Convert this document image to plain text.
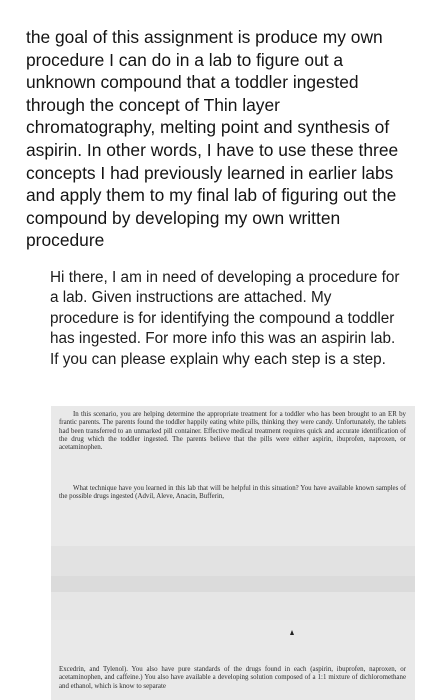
the goal of this assignment is produce my own procedure I can do in a lab to figure out a unknown compound that a toddler ingested through the concept of Thin layer chromatography, melting point and synthesis of aspirin. In other words, I have to use these three concepts I had previously learned in earlier labs and apply them to my final lab of figuring out the compound by developing my own written procedure

Hi there, I am in need of developing a procedure for a lab. Given instructions are attached. My procedure is for identifying the compound a toddler has ingested. For more info this was an aspirin lab. If you can please explain why each step is a step.

In this scenario, you are helping determine the appropriate treatment for a toddler who has been brought to an ER by frantic parents. The parents found the toddler happily eating white pills, thinking they were candy. Unfortunately, the tablets had been transferred to an unmarked pill container. Effective medical treatment requires quick and accurate identification of the drug which the toddler ingested. The parents believe that the pills were either aspirin, ibuprofen, naproxen, or acetaminophen.

What technique have you learned in this lab that will be helpful in this situation? You have available known samples of the possible drugs ingested (Advil, Aleve, Anacin, Bufferin,

Excedrin, and Tylenol). You also have pure standards of the drugs found in each (aspirin, ibuprofen, naproxen, or acetaminophen, and caffeine.) You also have available a developing solution composed of a 1:1 mixture of dichloromethane and ethanol, which is know to separate
